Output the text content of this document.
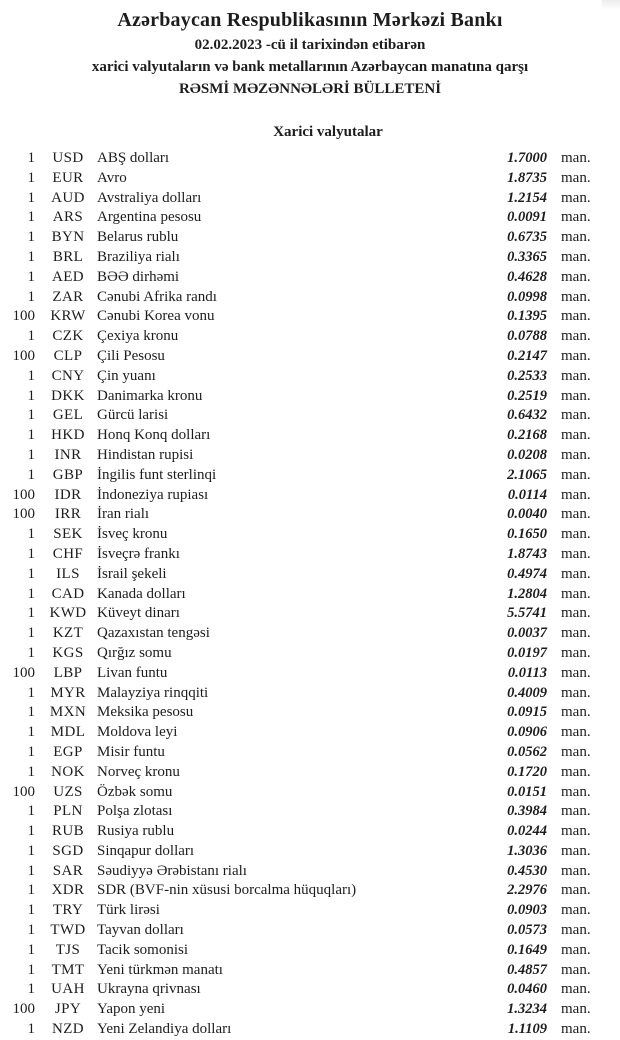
Azərbaycan Respublikasının Mərkəzi Bankı
02.02.2023 -cü il tarixindən etibarən
xarici valyutaların və bank metallarının Azərbaycan manatına qarşı
RƏSMİ MƏZƏNNƏLƏRİ BÜLLETENİ
Xarici valyutalar
1	USD ABŞ dolları	1.7000 man.
1	EUR Avro	1.8735 man.
1	AUD Avstraliya dolları	1.2154 man.
1	ARS Argentina pesosu	0.0091 man.
1	BYN Belarus rublu	0.6735 man.
1	BRL Braziliya rialı	0.3365 man.
1	AED BƏƏ dirhəmi	0.4628 man.
1	ZAR Cənubi Afrika randı	0.0998 man.
100	KRW Cənubi Korea vonu	0.1395 man.
1	CZK Çexiya kronu	0.0788 man.
100	CLP Çili Pesosu	0.2147 man.
1	CNY Çin yuanı	0.2533 man.
1	DKK Danimarka kronu	0.2519 man.
1	GEL Gürcü larisi	0.6432 man.
1	HKD Honq Konq dolları	0.2168 man.
1	INR	Hindistan rupisi	0.0208 man.
1	GBP İngilis funt sterlinqi	2.1065 man.
100	IDR	İndoneziya rupiası	0.0114 man.
100	IRR	İran rialı	0.0040 man.
1	SEK İsveç kronu	0.1650 man.
1	CHF İsveçrə frankı	1.8743 man.
1	ILS	İsrail şekeli	0.4974 man.
1	CAD Kanada dolları	1.2804 man.
1 KWD Küveyt dinarı	5.5741 man.
1	KZT Qazaxıstan tengəsi	0.0037 man.
1	KGS Qırğız somu	0.0197 man.
100	LBP Livan funtu	0.0113 man.
1	MYR Malayziya rinqqiti	0.4009 man.
1 MXN Meksika pesosu	0.0915 man.
1	MDL Moldova leyi	0.0906 man.
1	EGP Misir funtu	0.0562 man.
1	NOK Norveç kronu	0.1720 man.
100	UZS Özbək somu	0.0151 man.
1	PLN Polşa zlotası	0.3984 man.
1	RUB Rusiya rublu	0.0244 man.
1	SGD Sinqapur dolları	1.3036 man.
1	SAR Səudiyyə Ərəbistanı rialı	0.4530 man.
1	XDR SDR (BVF-nin xüsusi borcalma hüquqları)	2.2976 man.
1	TRY Türk lirəsi	0.0903 man.
1	TWD Tayvan dolları	0.0573 man.
1	TJS	Tacik somonisi	0.1649 man.
1	TMT Yeni türkmən manatı	0.4857 man.
1	UAH Ukrayna qrivnası	0.0460 man.
100	JPY	Yapon yeni	1.3234 man.
1	NZD Yeni Zelandiya dolları	1.1109 man.
